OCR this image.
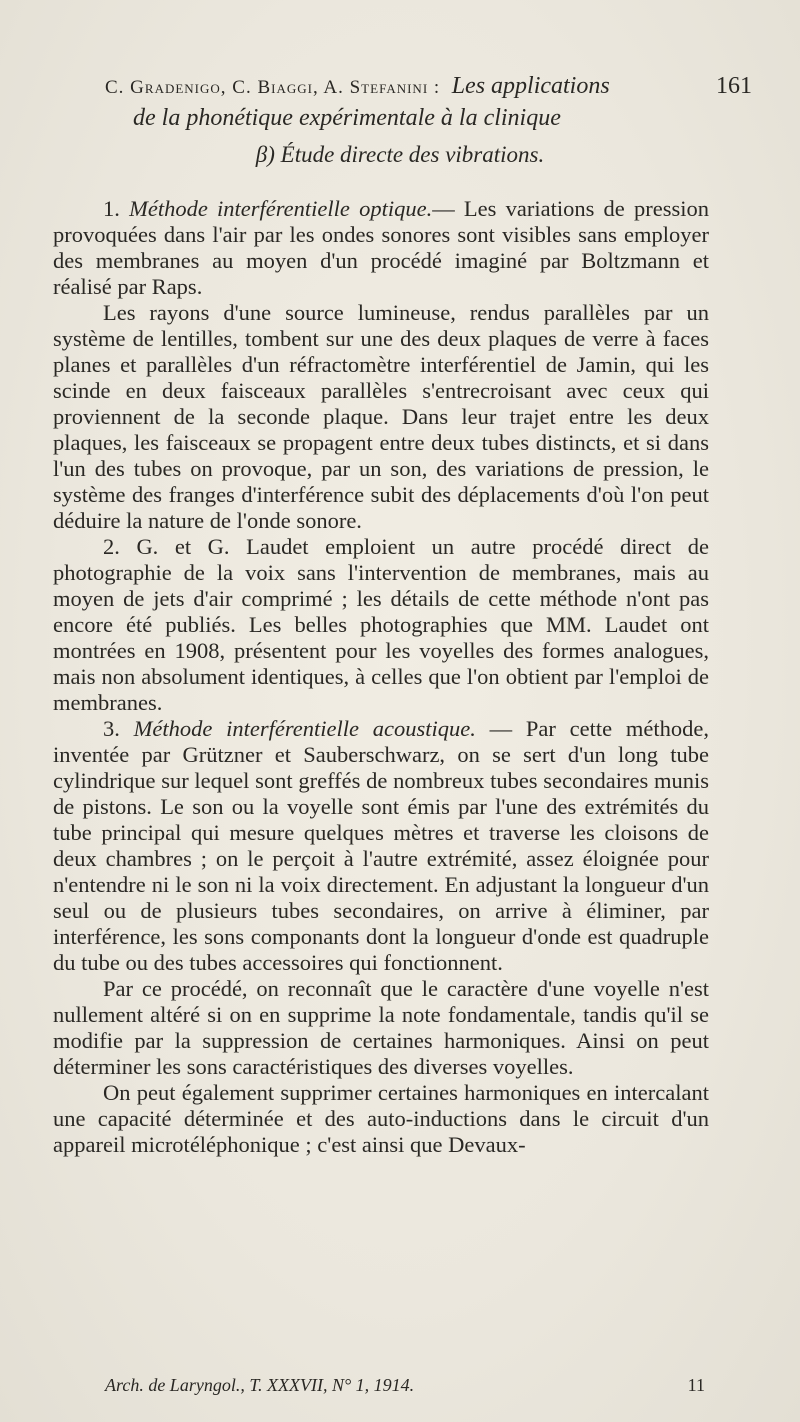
C. Gradenigo, C. Biaggi, A. Stefanini : Les applications	161
de la phonétique expérimentale à la clinique
β) Étude directe des vibrations.

1. Méthode interférentielle optique.— Les variations de pression provoquées dans l'air par les ondes sonores sont visibles sans employer des membranes au moyen d'un procédé imaginé par Boltzmann et réalisé par Raps.

Les rayons d'une source lumineuse, rendus parallèles par un système de lentilles, tombent sur une des deux plaques de verre à faces planes et parallèles d'un réfractomètre interférentiel de Jamin, qui les scinde en deux faisceaux parallèles s'entrecroisant avec ceux qui proviennent de la seconde plaque. Dans leur trajet entre les deux plaques, les faisceaux se propagent entre deux tubes distincts, et si dans l'un des tubes on provoque, par un son, des variations de pression, le système des franges d'interférence subit des déplacements d'où l'on peut déduire la nature de l'onde sonore.

2. G. et G. Laudet emploient un autre procédé direct de photographie de la voix sans l'intervention de membranes, mais au moyen de jets d'air comprimé ; les détails de cette méthode n'ont pas encore été publiés. Les belles photographies que MM. Laudet ont montrées en 1908, présentent pour les voyelles des formes analogues, mais non absolument identiques, à celles que l'on obtient par l'emploi de membranes.

3. Méthode interférentielle acoustique. — Par cette méthode, inventée par Grützner et Sauberschwarz, on se sert d'un long tube cylindrique sur lequel sont greffés de nombreux tubes secondaires munis de pistons. Le son ou la voyelle sont émis par l'une des extrémités du tube principal qui mesure quelques mètres et traverse les cloisons de deux chambres ; on le perçoit à l'autre extrémité, assez éloignée pour n'entendre ni le son ni la voix directement. En adjustant la longueur d'un seul ou de plusieurs tubes secondaires, on arrive à éliminer, par interférence, les sons componants dont la longueur d'onde est quadruple du tube ou des tubes accessoires qui fonctionnent.

Par ce procédé, on reconnaît que le caractère d'une voyelle n'est nullement altéré si on en supprime la note fondamentale, tandis qu'il se modifie par la suppression de certaines harmoniques. Ainsi on peut déterminer les sons caractéristiques des diverses voyelles.

On peut également supprimer certaines harmoniques en intercalant une capacité déterminée et des auto-inductions dans le circuit d'un appareil microtéléphonique ; c'est ainsi que Devaux-

Arch. de Laryngol., T. XXXVII, N° 1, 1914.	11
